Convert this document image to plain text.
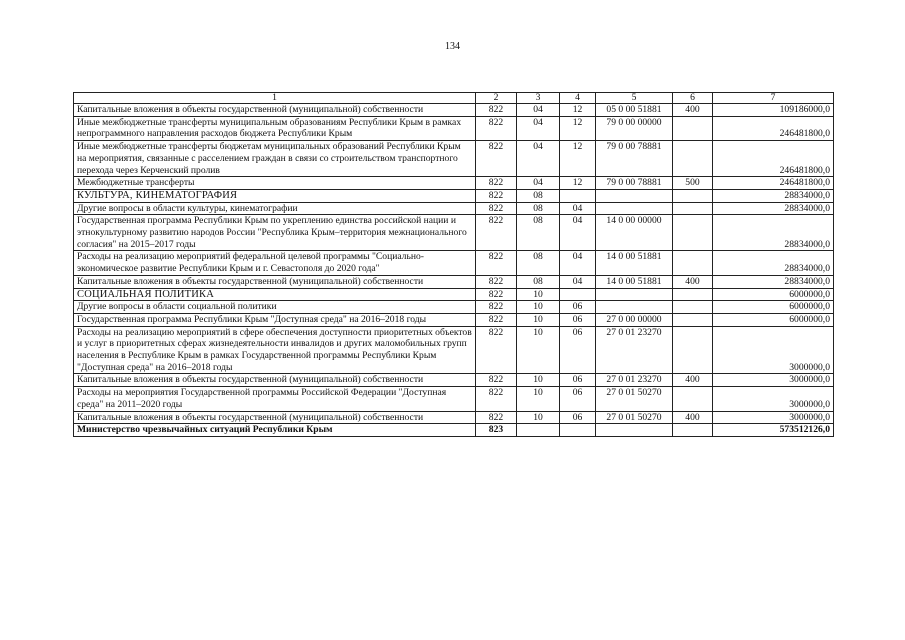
134
1	2	3	4	5	6	7
Капитальные вложения в объекты государственной (муниципальной) собственности	822	04	12	05 0 00 51881	400	109186000,0
Иные межбюджетные трансферты муниципальным образованиям Республики Крым в рамках непрограммного направления расходов бюджета Республики Крым	822	04	12	79 0 00 00000		246481800,0
Иные межбюджетные трансферты бюджетам муниципальных образований Республики Крым на мероприятия, связанные с расселением граждан в связи со строительством транспортного перехода через Керченский пролив	822	04	12	79 0 00 78881		246481800,0
Межбюджетные трансферты	822	04	12	79 0 00 78881	500	246481800,0
КУЛЬТУРА, КИНЕМАТОГРАФИЯ	822	08				28834000,0
Другие вопросы в области культуры, кинематографии	822	08	04			28834000,0
Государственная программа Республики Крым по укреплению единства российской нации и этнокультурному развитию народов России "Республика Крым–территория межнационального согласия" на 2015–2017 годы	822	08	04	14 0 00 00000		28834000,0
Расходы на реализацию мероприятий федеральной целевой программы "Социально-экономическое развитие Республики Крым и г. Севастополя до 2020 года"	822	08	04	14 0 00 51881		28834000,0
Капитальные вложения в объекты государственной (муниципальной) собственности	822	08	04	14 0 00 51881	400	28834000,0
СОЦИАЛЬНАЯ ПОЛИТИКА	822	10				6000000,0
Другие вопросы в области социальной политики	822	10	06			6000000,0
Государственная программа Республики Крым "Доступная среда" на 2016–2018 годы	822	10	06	27 0 00 00000		6000000,0
Расходы на реализацию мероприятий в сфере обеспечения доступности приоритетных объектов и услуг в приоритетных сферах жизнедеятельности инвалидов и других маломобильных групп населения в Республике Крым в рамках Государственной программы Республики Крым "Доступная среда" на 2016–2018 годы	822	10	06	27 0 01 23270		3000000,0
Капитальные вложения в объекты государственной (муниципальной) собственности	822	10	06	27 0 01 23270	400	3000000,0
Расходы на мероприятия Государственной программы Российской Федерации "Доступная среда" на 2011–2020 годы	822	10	06	27 0 01 50270		3000000,0
Капитальные вложения в объекты государственной (муниципальной) собственности	822	10	06	27 0 01 50270	400	3000000,0
Министерство чрезвычайных ситуаций Республики Крым	823					573512126,0
